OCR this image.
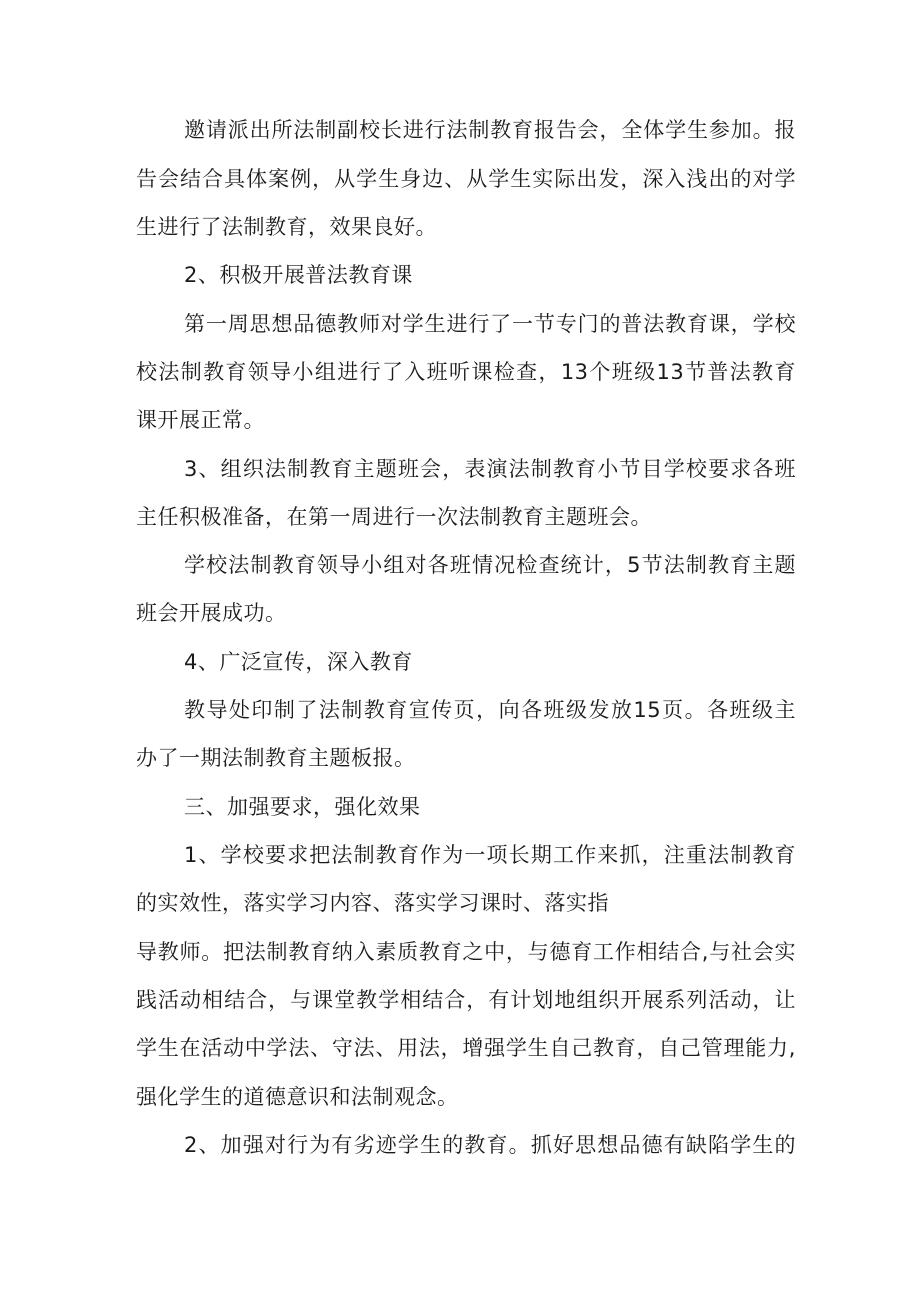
邀请派出所法制副校长进行法制教育报告会，全体学生参加。报
告会结合具体案例，从学生身边、从学生实际出发，深入浅出的对学
生进行了法制教育，效果良好。
2、积极开展普法教育课
第一周思想品德教师对学生进行了一节专门的普法教育课，学校
校法制教育领导小组进行了入班听课检查，13个班级13节普法教育
课开展正常。
3、组织法制教育主题班会，表演法制教育小节目学校要求各班
主任积极准备，在第一周进行一次法制教育主题班会。
学校法制教育领导小组对各班情况检查统计，5节法制教育主题
班会开展成功。
4、广泛宣传，深入教育
教导处印制了法制教育宣传页，向各班级发放15页。各班级主
办了一期法制教育主题板报。
三、加强要求，强化效果
1、学校要求把法制教育作为一项长期工作来抓，注重法制教育
的实效性，落实学习内容、落实学习课时、落实指
导教师。把法制教育纳入素质教育之中，与德育工作相结合,与社会实
践活动相结合，与课堂教学相结合，有计划地组织开展系列活动，让
学生在活动中学法、守法、用法，增强学生自己教育，自己管理能力,
强化学生的道德意识和法制观念。
2、加强对行为有劣迹学生的教育。抓好思想品德有缺陷学生的
